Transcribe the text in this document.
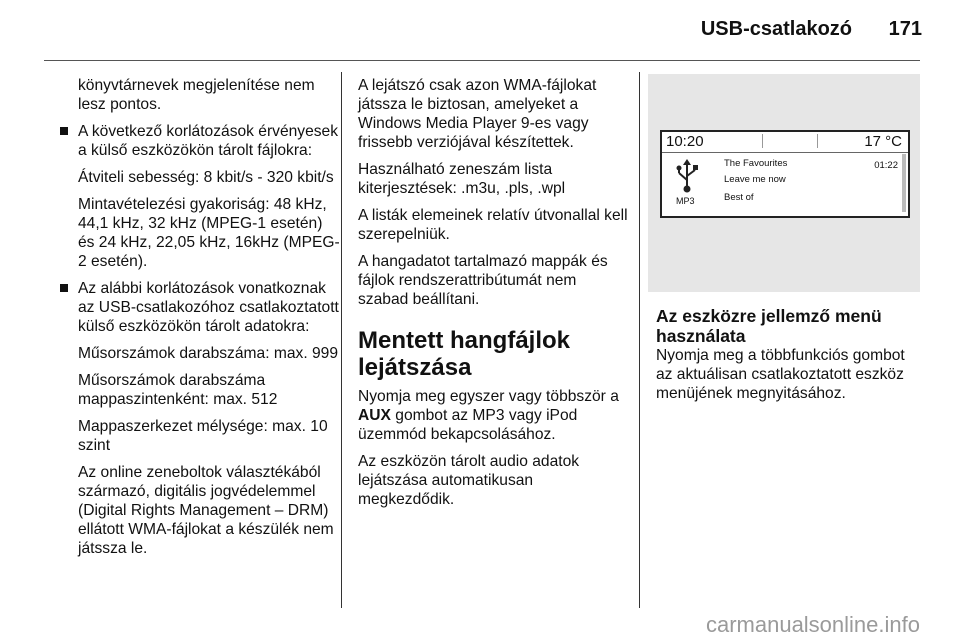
USB-csatlakozó 171

könyvtárnevek megjelenítése nem lesz pontos.

A következő korlátozások érvényesek a külső eszközökön tárolt fájlokra:

Átviteli sebesség: 8 kbit/s - 320 kbit/s

Mintavételezési gyakoriság: 48 kHz, 44,1 kHz, 32 kHz (MPEG-1 esetén) és 24 kHz, 22,05 kHz, 16kHz (MPEG-2 esetén).

Az alábbi korlátozások vonatkoznak az USB-csatlakozóhoz csatlakoztatott külső eszközökön tárolt adatokra:

Műsorszámok darabszáma: max. 999

Műsorszámok darabszáma mappaszintenként: max. 512

Mappaszerkezet mélysége: max. 10 szint

Az online zeneboltok választékából származó, digitális jogvédelemmel (Digital Rights Management – DRM) ellátott WMA-fájlokat a készülék nem játssza le.

A lejátszó csak azon WMA-fájlokat játssza le biztosan, amelyeket a Windows Media Player 9-es vagy frissebb verziójával készítettek.

Használható zeneszám lista kiterjesztések: .m3u, .pls, .wpl

A listák elemeinek relatív útvonallal kell szerepelniük.

A hangadatot tartalmazó mappák és fájlok rendszerattribútumát nem szabad beállítani.

Mentett hangfájlok lejátszása

Nyomja meg egyszer vagy többször a AUX gombot az MP3 vagy iPod üzemmód bekapcsolásához.

Az eszközön tárolt audio adatok lejátszása automatikusan megkezdődik.

10:20	17 °C
MP3
The Favourites
Leave me now
Best of
01:22
Az eszközre jellemző menü használata

Nyomja meg a többfunkciós gombot az aktuálisan csatlakoztatott eszköz menüjének megnyitásához.

carmanualsonline.info
